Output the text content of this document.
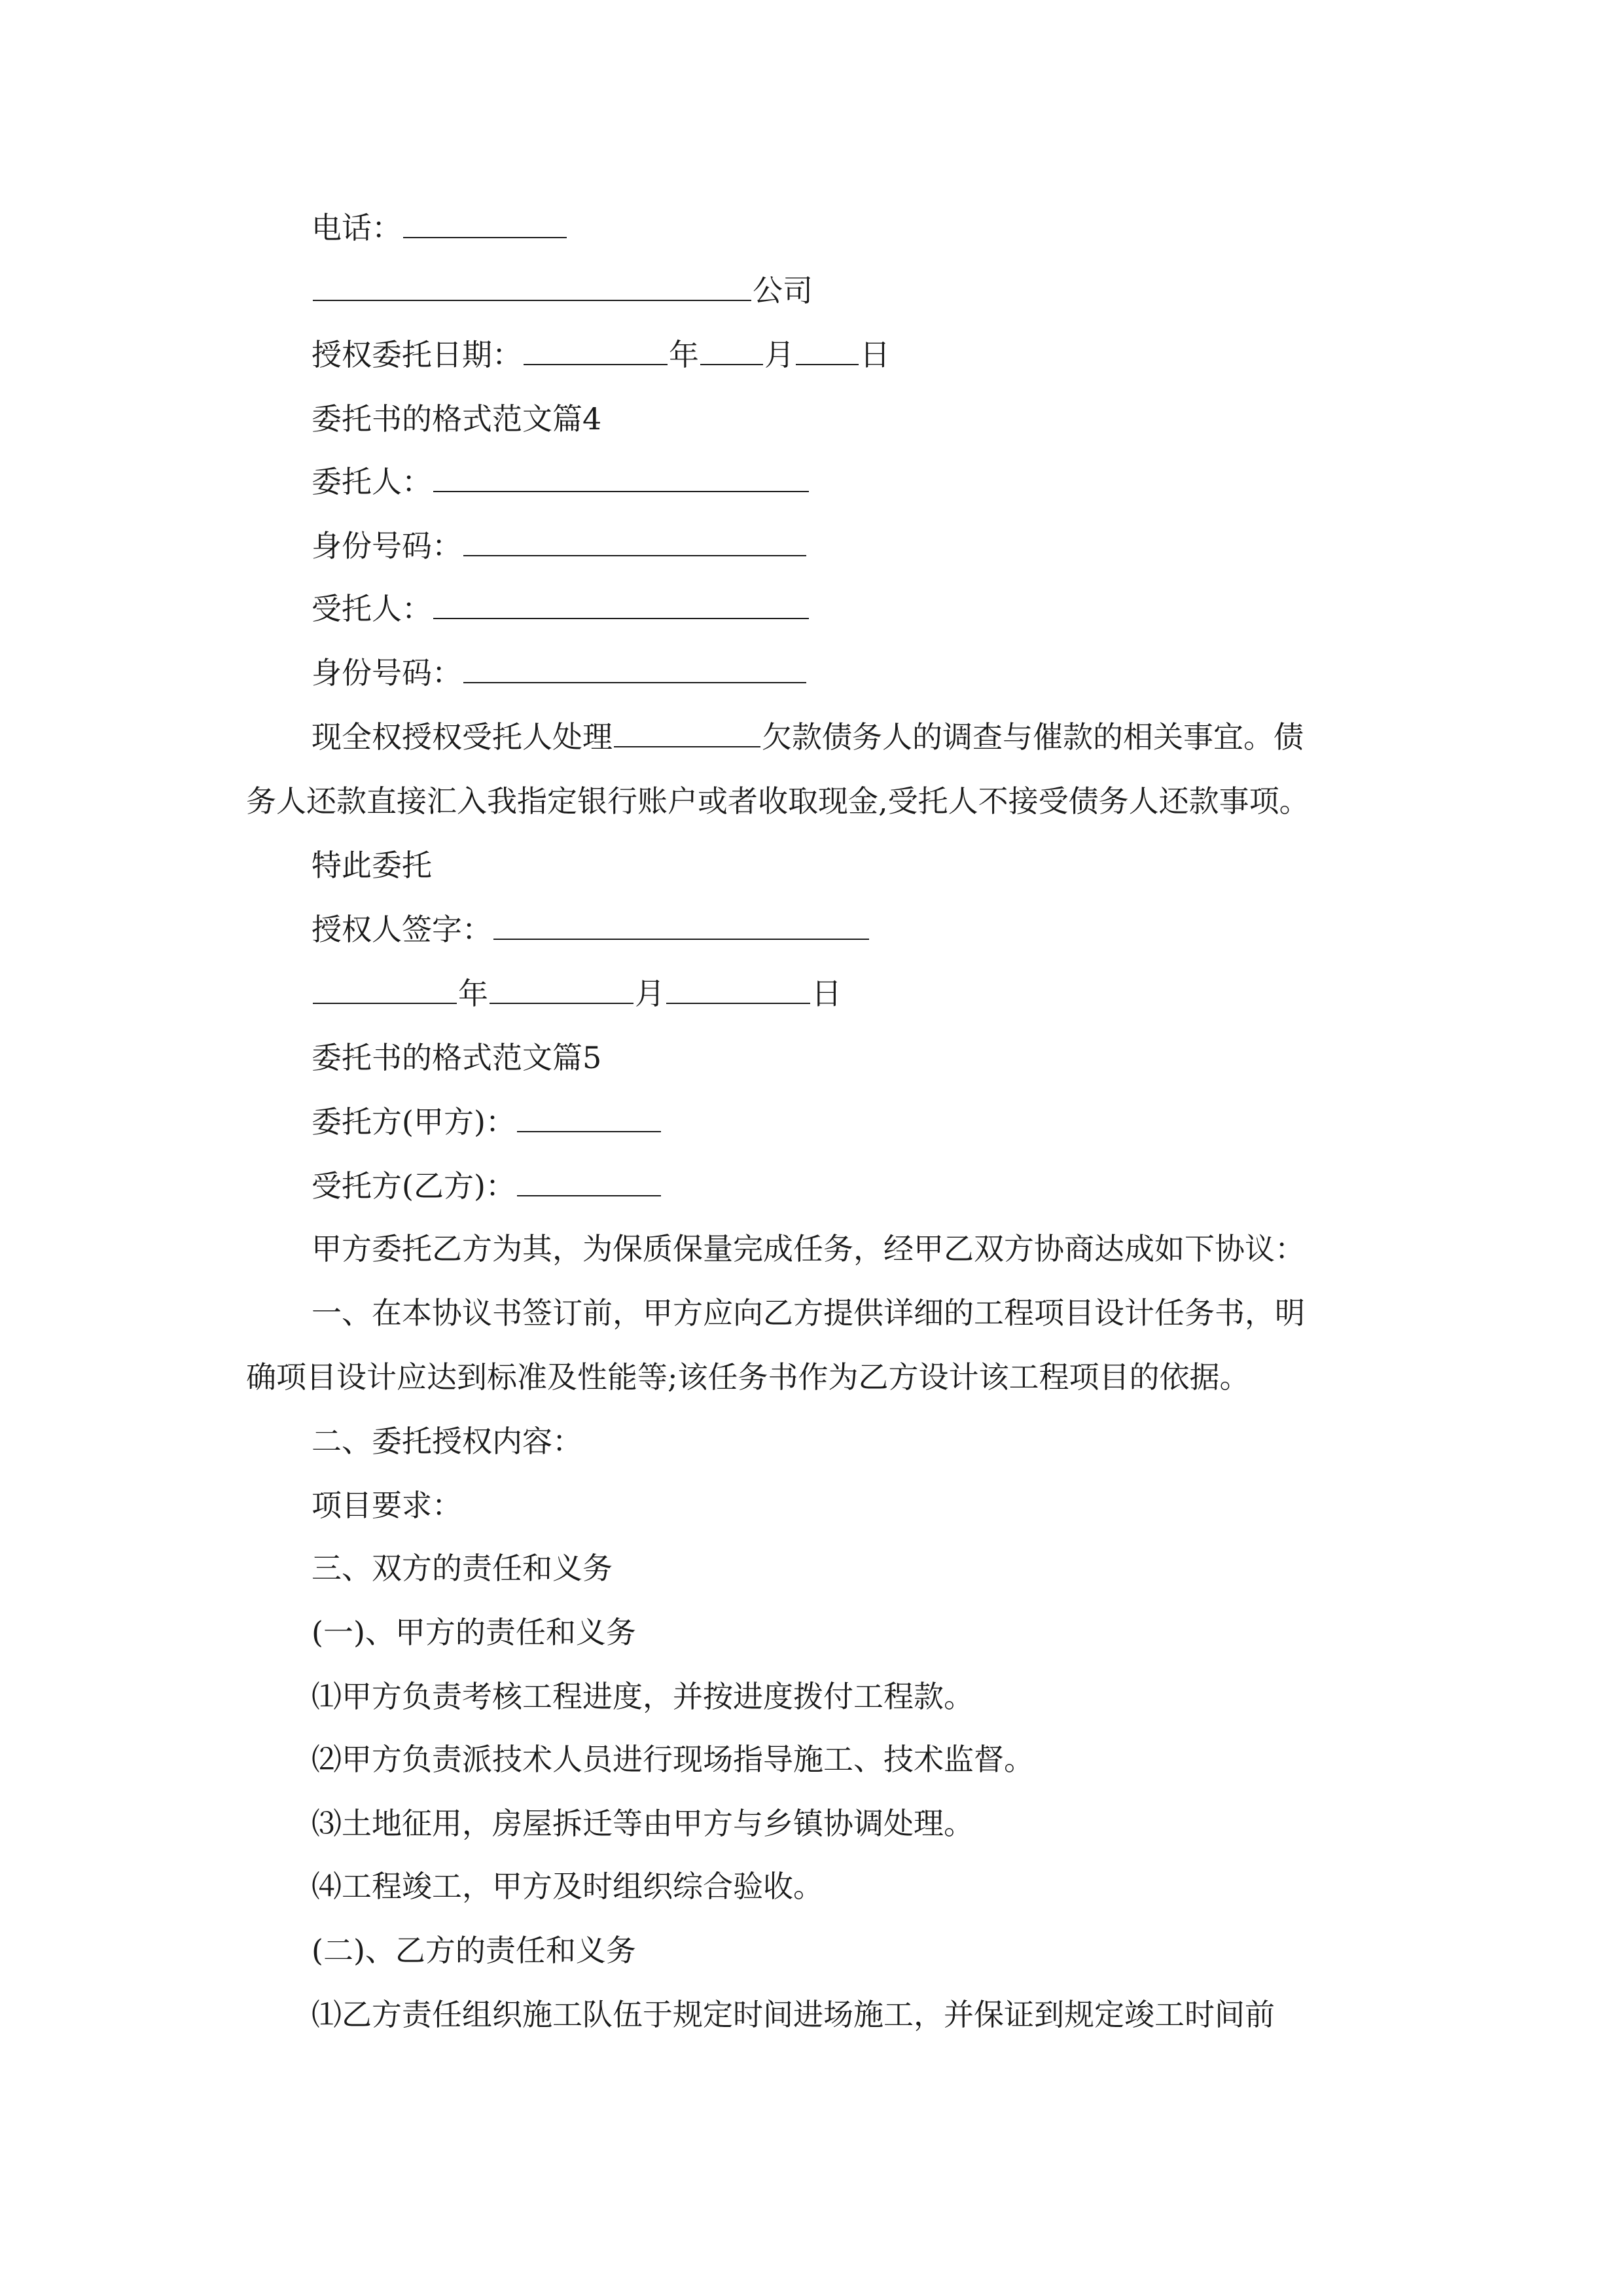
电话：
公司
授权委托日期：	年 月 日
委托书的格式范文篇4
委托人：
身份号码：
受托人：
身份号码：
现全权授权受托人处理	欠款债务人的调查与催款的相关事宜。债
务人还款直接汇入我指定银行账户或者收取现金,受托人不接受债务人还款事项。
特此委托
授权人签字：
年	月	日
委托书的格式范文篇5
委托方(甲方)：
受托方(乙方)：
甲方委托乙方为其，为保质保量完成任务，经甲乙双方协商达成如下协议：
一、在本协议书签订前，甲方应向乙方提供详细的工程项目设计任务书，明
确项目设计应达到标准及性能等;该任务书作为乙方设计该工程项目的依据。
二、委托授权内容：
项目要求：
三、双方的责任和义务
(一)、甲方的责任和义务
⑴甲方负责考核工程进度，并按进度拨付工程款。
⑵甲方负责派技术人员进行现场指导施工、技术监督。
⑶土地征用，房屋拆迁等由甲方与乡镇协调处理。
⑷工程竣工，甲方及时组织综合验收。
(二)、乙方的责任和义务
⑴乙方责任组织施工队伍于规定时间进场施工，并保证到规定竣工时间前
